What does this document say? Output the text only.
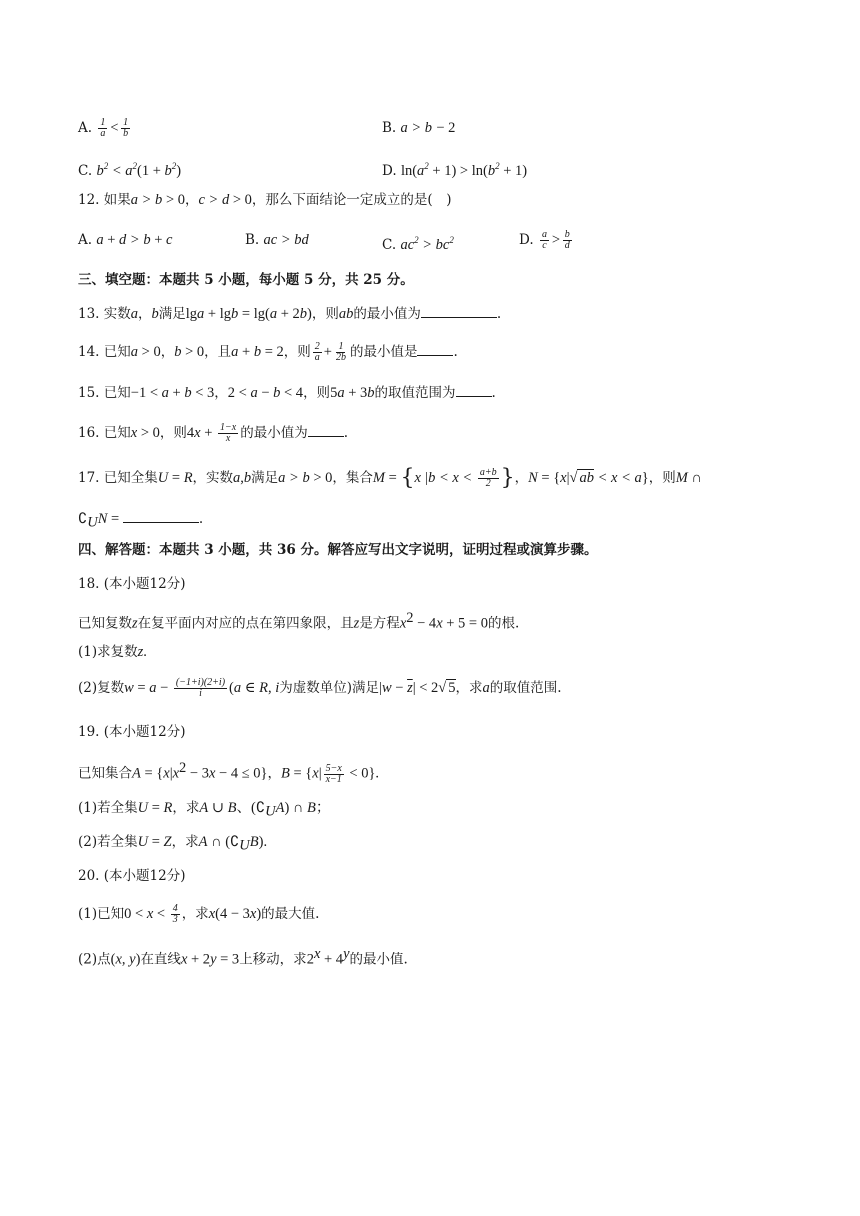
A. $\frac{1}{a} < \frac{1}{b}$	B. a > b − 2
C. $b^2 < a^2(1 + b^2)$	D. $\ln(a^2 + 1) > \ln(b^2 + 1)$
12. 如果a > b > 0，c > d > 0，那么下面结论一定成立的是(　)
A. a + d > b + c	B. ac > bd	C. $ac^2 > bc^2$	D. $\frac{a}{c} > \frac{b}{d}$
三、填空题：本题共 5 小题，每小题 5 分，共 25 分。
13. 实数a，b满足lga + lgb = lg(a + 2b)，则ab的最小值为	.
14. 已知a > 0，b > 0，且a + b = 2，则 $\frac{2}{a} + \frac{1}{2b}$ 的最小值是	.
15. 已知−1 < a + b < 3，2 < a − b < 4，则5a + 3b的取值范围为	.
16. 已知x > 0，则$4x + \frac{1-x}{x}$ 的最小值为	.
17. 已知全集U = R，实数a,b满足a > b > 0，集合M = {x $|b < x < \frac{a+b}{2}$ }，N = {x|√ ab < x < a}，则M ∩
$∁_UN$ =	.
四、解答题：本题共 3 小题，共 36 分。解答应写出文字说明，证明过程或演算步骤。
18. (本小题12分)
已知复数z在复平面内对应的点在第四象限，且z是方程$x^2 - 4x + 5 = 0$的根.
(1)求复数z.
(2)复数$w = a - \frac{(-1+i)(2+i)}{i} (a$ ∈ R, i为虚数单位)满足$|w - \overline{z}| < 2√$ 5，求a的取值范围.
19. (本小题12分)
已知集合$A = \{x|x^2 - 3x - 4 \le 0\}$，$B = \{x| \frac{5-x}{x-1} < 0\}$.
(1)若全集U = R，求A ∪ B、$(∁_UA)$ ∩ B；
(2)若全集U = Z，求A ∩ $(∁_UB)$.
20. (本小题12分)
(1)已知$0 < x < \frac{4}{3}$ ，求x(4 − 3x)的最大值.
(2)点(x, y)在直线x + 2y = 3上移动，求$2^x + 4^y$的最小值.
